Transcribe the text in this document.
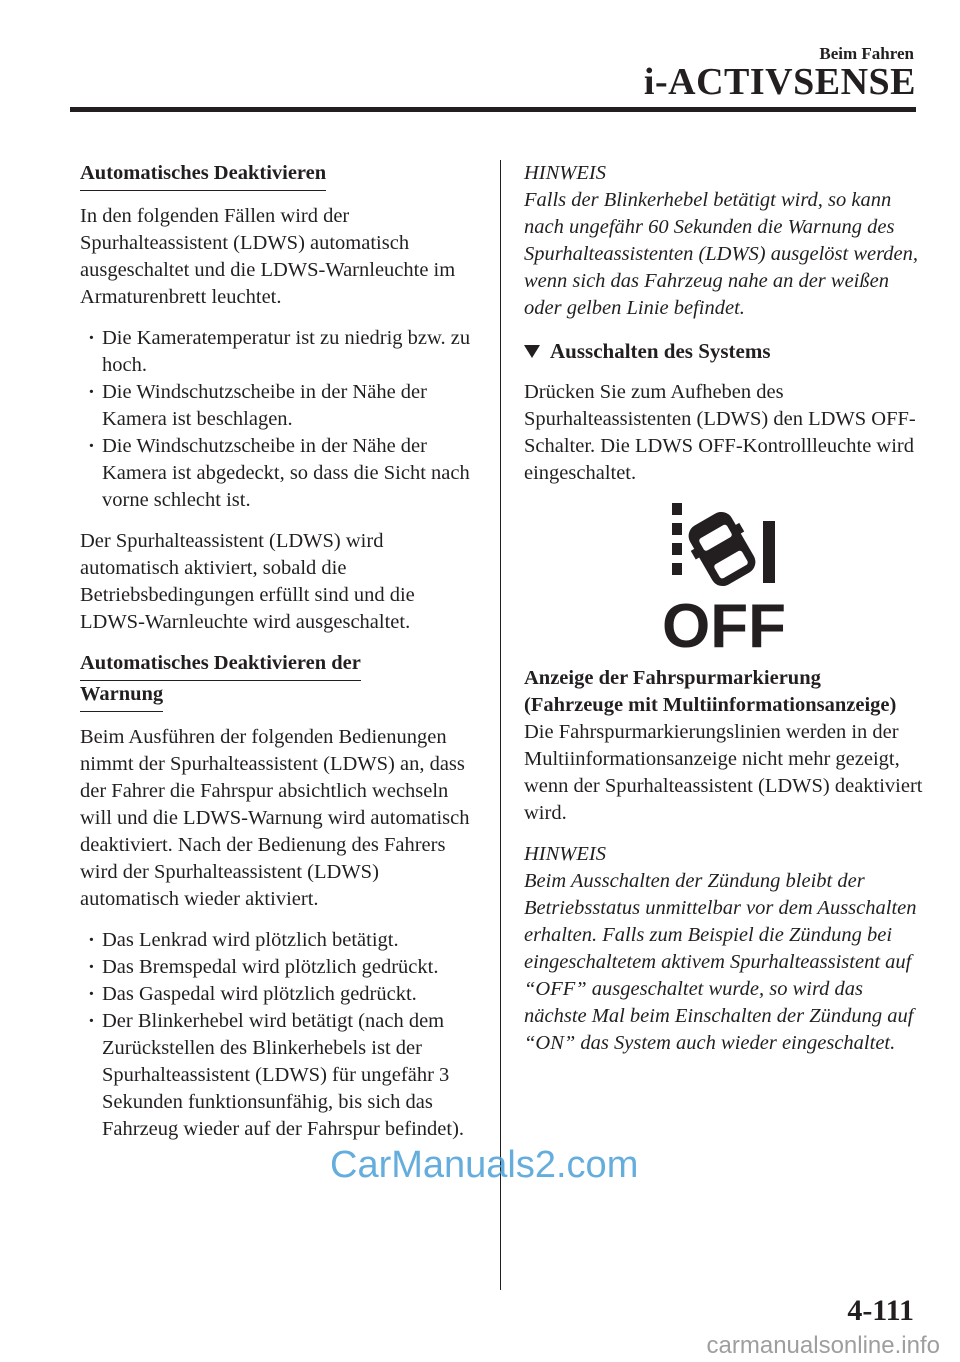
Beim Fahren
i-ACTIVSENSE
Automatisches Deaktivieren

In den folgenden Fällen wird der Spurhalteassistent (LDWS) automatisch ausgeschaltet und die LDWS-Warnleuchte im Armaturenbrett leuchtet.

· Die Kameratemperatur ist zu niedrig bzw. zu hoch.
· Die Windschutzscheibe in der Nähe der Kamera ist beschlagen.
· Die Windschutzscheibe in der Nähe der Kamera ist abgedeckt, so dass die Sicht nach vorne schlecht ist.

Der Spurhalteassistent (LDWS) wird automatisch aktiviert, sobald die Betriebsbedingungen erfüllt sind und die LDWS-Warnleuchte wird ausgeschaltet.

Automatisches Deaktivieren der
Warnung

Beim Ausführen der folgenden Bedienungen nimmt der Spurhalteassistent (LDWS) an, dass der Fahrer die Fahrspur absichtlich wechseln will und die LDWS-Warnung wird automatisch deaktiviert. Nach der Bedienung des Fahrers wird der Spurhalteassistent (LDWS) automatisch wieder aktiviert.

· Das Lenkrad wird plötzlich betätigt.
· Das Bremspedal wird plötzlich gedrückt.
· Das Gaspedal wird plötzlich gedrückt.
· Der Blinkerhebel wird betätigt (nach dem Zurückstellen des Blinkerhebels ist der Spurhalteassistent (LDWS) für ungefähr 3 Sekunden funktionsunfähig, bis sich das Fahrzeug wieder auf der Fahrspur befindet).

HINWEIS

Falls der Blinkerhebel betätigt wird, so kann nach ungefähr 60 Sekunden die Warnung des Spurhalteassistenten (LDWS) ausgelöst werden, wenn sich das Fahrzeug nahe an der weißen oder gelben Linie befindet.

Ausschalten des Systems

Drücken Sie zum Aufheben des Spurhalteassistenten (LDWS) den LDWS OFF-Schalter. Die LDWS OFF-Kontrollleuchte wird eingeschaltet.

OFF

Anzeige der Fahrspurmarkierung (Fahrzeuge mit Multiinformationsanzeige)

Die Fahrspurmarkierungslinien werden in der Multiinformationsanzeige nicht mehr gezeigt, wenn der Spurhalteassistent (LDWS) deaktiviert wird.

HINWEIS

Beim Ausschalten der Zündung bleibt der Betriebsstatus unmittelbar vor dem Ausschalten erhalten. Falls zum Beispiel die Zündung bei eingeschaltetem aktivem Spurhalteassistent auf “OFF” ausgeschaltet wurde, so wird das nächste Mal beim Einschalten der Zündung auf “ON” das System auch wieder eingeschaltet.

CarManuals2.com
4-111
carmanualsonline.info
